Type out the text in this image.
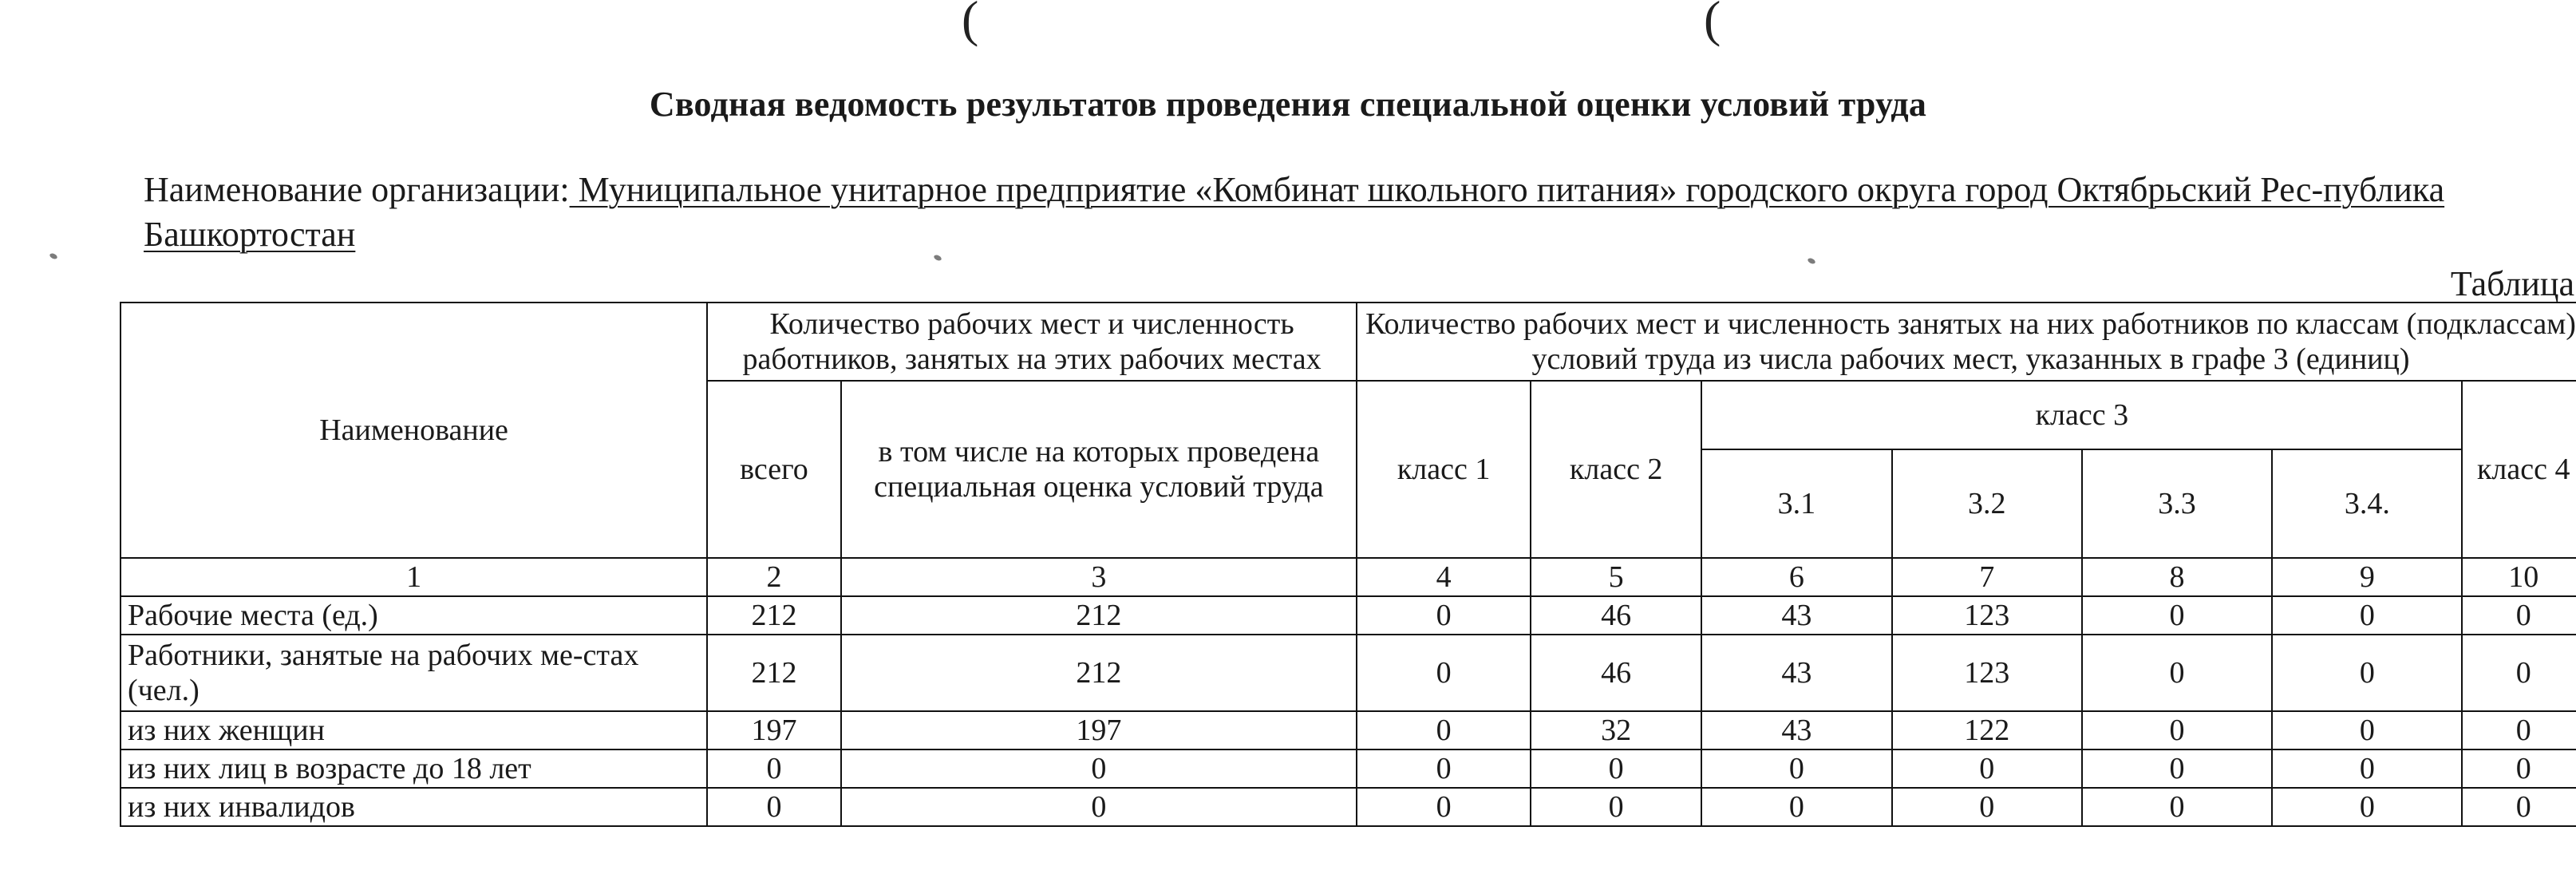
(	(
Сводная ведомость результатов проведения специальной оценки условий труда
Наименование организации: Муниципальное унитарное предприятие «Комбинат школьного питания» городского округа город Октябрьский Рес-публика Башкортостан
Таблица
Наименование	Количество рабочих мест и численность работников, занятых на этих рабочих местах		Количество рабочих мест и численность занятых на них работников по классам (подклассам) условий труда из числа рабочих мест, указанных в графе 3 (единиц)						
	всего	в том числе на которых проведена специальная оценка условий труда	класс 1	класс 2	класс 3				класс 4
					3.1	3.2	3.3	3.4.	
1	2	3	4	5	6	7	8	9	10
Рабочие места (ед.)	212	212	0	46	43	123	0	0	0
Работники, занятые на рабочих ме-стах (чел.)	212	212	0	46	43	123	0	0	0
из них женщин	197	197	0	32	43	122	0	0	0
из них лиц в возрасте до 18 лет	0	0	0	0	0	0	0	0	0
из них инвалидов	0	0	0	0	0	0	0	0	0
